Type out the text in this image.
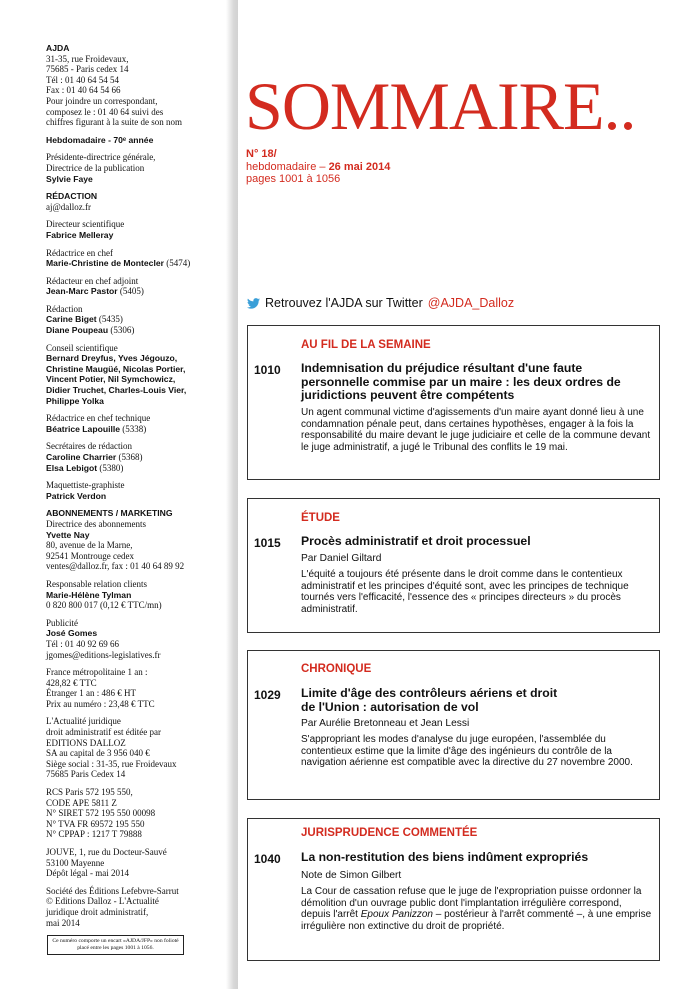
AJDA
31-35, rue Froidevaux,
75685 - Paris cedex 14
Tél : 01 40 64 54 54
Fax : 01 40 64 54 66
Pour joindre un correspondant,
composez le : 01 40 64 suivi des
chiffres figurant à la suite de son nom
Hebdomadaire - 70ᵉ année
Présidente-directrice générale,
Directrice de la publication
Sylvie Faye
RÉDACTION
aj@dalloz.fr
Directeur scientifique
Fabrice Melleray
Rédactrice en chef
Marie-Christine de Montecler (5474)
Rédacteur en chef adjoint
Jean-Marc Pastor (5405)
Rédaction
Carine Biget (5435)
Diane Poupeau (5306)
Conseil scientifique
Bernard Dreyfus, Yves Jégouzo,
Christine Maugüé, Nicolas Portier,
Vincent Potier, Nil Symchowicz,
Didier Truchet, Charles-Louis Vier,
Philippe Yolka
Rédactrice en chef technique
Béatrice Lapouille (5338)
Secrétaires de rédaction
Caroline Charrier (5368)
Elsa Lebigot (5380)
Maquettiste-graphiste
Patrick Verdon
ABONNEMENTS / MARKETING
Directrice des abonnements
Yvette Nay
80, avenue de la Marne,
92541 Montrouge cedex
ventes@dalloz.fr, fax : 01 40 64 89 92
Responsable relation clients
Marie-Hélène Tylman
0 820 800 017 (0,12 € TTC/mn)
Publicité
José Gomes
Tél : 01 40 92 69 66
jgomes@editions-legislatives.fr
France métropolitaine 1 an :
428,82 € TTC
Étranger 1 an : 486 € HT
Prix au numéro : 23,48 € TTC
L'Actualité juridique
droit administratif est éditée par
EDITIONS DALLOZ
SA au capital de 3 956 040 €
Siège social : 31-35, rue Froidevaux
75685 Paris Cedex 14
RCS Paris 572 195 550,
CODE APE 5811 Z
N° SIRET 572 195 550 00098
N° TVA FR 69572 195 550
N° CPPAP : 1217 T 79888
JOUVE, 1, rue du Docteur-Sauvé
53100 Mayenne
Dépôt légal - mai 2014
Société des Éditions Lefebvre-Sarrut
© Editions Dalloz - L'Actualité
juridique droit administratif,
mai 2014
Ce numéro comporte un encart «AJDA/JFP» non folioté placé entre les pages 1001 à 1056.
SOMMAIRE..
N° 18/
hebdomadaire – 26 mai 2014
pages 1001 à 1056
Retrouvez l'AJDA sur Twitter @AJDA_Dalloz
AU FIL DE LA SEMAINE
1010 Indemnisation du préjudice résultant d'une faute personnelle commise par un maire : les deux ordres de juridictions peuvent être compétents
Un agent communal victime d'agissements d'un maire ayant donné lieu à une condamnation pénale peut, dans certaines hypothèses, engager à la fois la responsabilité du maire devant le juge judiciaire et celle de la commune devant le juge administratif, a jugé le Tribunal des conflits le 19 mai.
ÉTUDE
1015 Procès administratif et droit processuel
Par Daniel Giltard
L'équité a toujours été présente dans le droit comme dans le contentieux administratif et les principes d'équité sont, avec les principes de technique tournés vers l'efficacité, l'essence des « principes directeurs » du procès administratif.
CHRONIQUE
1029 Limite d'âge des contrôleurs aériens et droit de l'Union : autorisation de vol
Par Aurélie Bretonneau et Jean Lessi
S'appropriant les modes d'analyse du juge européen, l'assemblée du contentieux estime que la limite d'âge des ingénieurs du contrôle de la navigation aérienne est compatible avec la directive du 27 novembre 2000.
JURISPRUDENCE COMMENTÉE
1040 La non-restitution des biens indûment expropriés
Note de Simon Gilbert
La Cour de cassation refuse que le juge de l'expropriation puisse ordonner la démolition d'un ouvrage public dont l'implantation irrégulière correspond, depuis l'arrêt Epoux Panizzon – postérieur à l'arrêt commenté –, à une emprise irrégulière non extinctive du droit de propriété.
